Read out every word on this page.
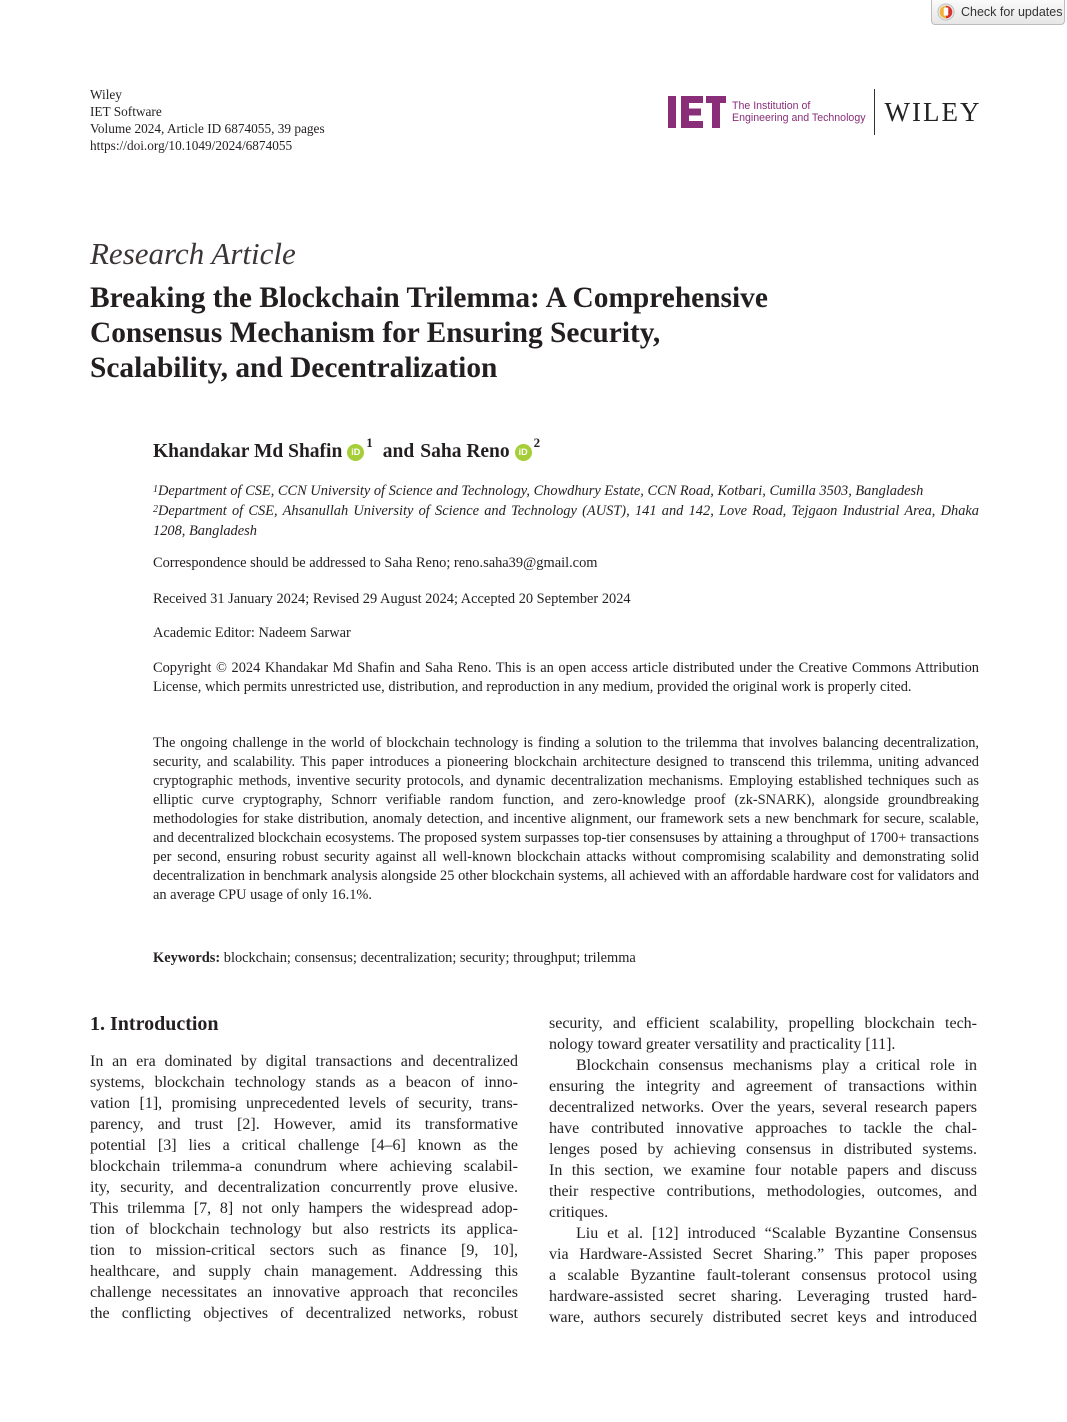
Check for updates
Wiley
IET Software
Volume 2024, Article ID 6874055, 39 pages
https://doi.org/10.1049/2024/6874055
The Institution of
Engineering and Technology WILEY
Research Article
Breaking the Blockchain Trilemma: A Comprehensive
Consensus Mechanism for Ensuring Security,
Scalability, and Decentralization
Khandakar Md Shafin	iD
$^1$ and Saha Reno	iD
$^2$
$^1$Department of CSE, CCN University of Science and Technology, Chowdhury Estate, CCN Road, Kotbari, Cumilla 3503, Bangladesh
$^2$Department of CSE, Ahsanullah University of Science and Technology (AUST), 141 and 142, Love Road, Tejgaon Industrial Area, Dhaka 1208, Bangladesh
Correspondence should be addressed to Saha Reno; reno.saha39@gmail.com
Received 31 January 2024; Revised 29 August 2024; Accepted 20 September 2024
Academic Editor: Nadeem Sarwar
Copyright © 2024 Khandakar Md Shafin and Saha Reno. This is an open access article distributed under the Creative Commons Attribution License, which permits unrestricted use, distribution, and reproduction in any medium, provided the original work is properly cited.
The ongoing challenge in the world of blockchain technology is finding a solution to the trilemma that involves balancing decentralization, security, and scalability. This paper introduces a pioneering blockchain architecture designed to transcend this trilemma, uniting advanced cryptographic methods, inventive security protocols, and dynamic decentralization mechanisms. Employing established techniques such as elliptic curve cryptography, Schnorr verifiable random function, and zero-knowledge proof (zk-SNARK), alongside groundbreaking methodologies for stake distribution, anomaly detection, and incentive alignment, our framework sets a new benchmark for secure, scalable, and decentralized blockchain ecosystems. The proposed system surpasses top-tier consensuses by attaining a throughput of 1700+ transactions per second, ensuring robust security against all well-known blockchain attacks without compromising scalability and demonstrating solid decentralization in benchmark analysis alongside 25 other blockchain systems, all achieved with an affordable hardware cost for validators and an average CPU usage of only 16.1%.
Keywords: blockchain; consensus; decentralization; security; throughput; trilemma
1. Introduction
In an era dominated by digital transactions and decentralized
systems, blockchain technology stands as a beacon of inno-
vation [1], promising unprecedented levels of security, trans-
parency, and trust [2]. However, amid its transformative
potential [3] lies a critical challenge [4–6] known as the
blockchain trilemma-a conundrum where achieving scalabil-
ity, security, and decentralization concurrently prove elusive.
This trilemma [7, 8] not only hampers the widespread adop-
tion of blockchain technology but also restricts its applica-
tion to mission-critical sectors such as finance [9, 10],
healthcare, and supply chain management. Addressing this
challenge necessitates an innovative approach that reconciles
the conflicting objectives of decentralized networks, robust
security, and efficient scalability, propelling blockchain tech-
nology toward greater versatility and practicality [11].
Blockchain consensus mechanisms play a critical role in
ensuring the integrity and agreement of transactions within
decentralized networks. Over the years, several research papers
have contributed innovative approaches to tackle the chal-
lenges posed by achieving consensus in distributed systems.
In this section, we examine four notable papers and discuss
their respective contributions, methodologies, outcomes, and
critiques.
Liu et al. [12] introduced “Scalable Byzantine Consensus
via Hardware-Assisted Secret Sharing.” This paper proposes
a scalable Byzantine fault-tolerant consensus protocol using
hardware-assisted secret sharing. Leveraging trusted hard-
ware, authors securely distributed secret keys and introduced
